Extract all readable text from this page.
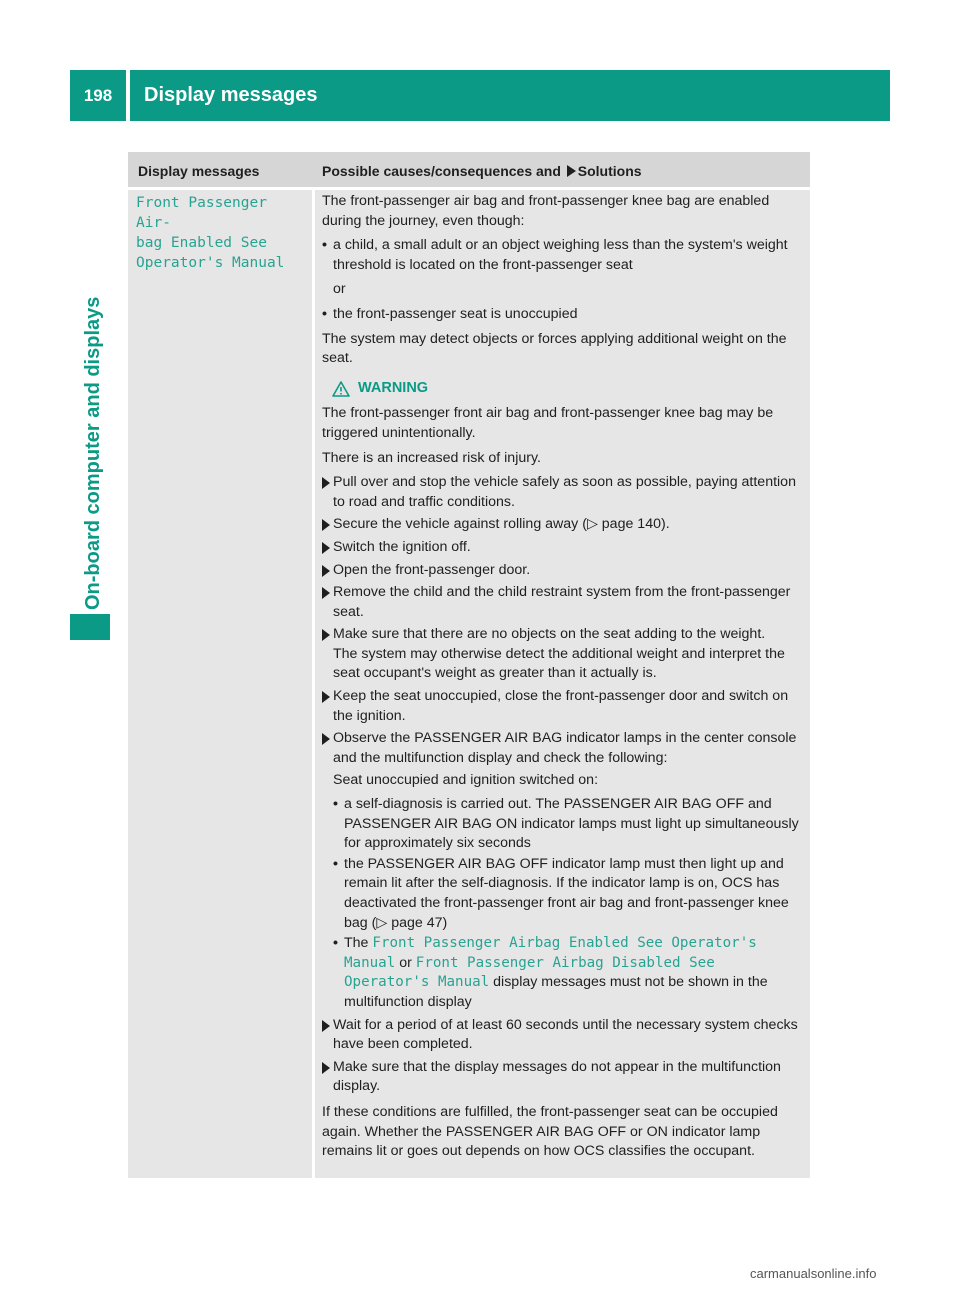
198	Display messages
On-board computer and displays
Display messages	Possible causes/consequences and Solutions
Front Passenger Air‐
bag Enabled See
Operator's Manual

The front-passenger air bag and front-passenger knee bag are enabled during the journey, even though:

• a child, a small adult or an object weighing less than the system's weight threshold is located on the front-passenger seat
or
• the front-passenger seat is unoccupied

The system may detect objects or forces applying additional weight on the seat.

WARNING

The front-passenger front air bag and front-passenger knee bag may be triggered unintentionally.

There is an increased risk of injury.

Pull over and stop the vehicle safely as soon as possible, paying attention to road and traffic conditions.
Secure the vehicle against rolling away (▷ page 140).
Switch the ignition off.
Open the front-passenger door.
Remove the child and the child restraint system from the front-passenger seat.
Make sure that there are no objects on the seat adding to the weight.
The system may otherwise detect the additional weight and interpret the seat occupant's weight as greater than it actually is.
Keep the seat unoccupied, close the front-passenger door and switch on the ignition.
Observe the PASSENGER AIR BAG indicator lamps in the center console and the multifunction display and check the following:

Seat unoccupied and ignition switched on:

• a self-diagnosis is carried out. The PASSENGER AIR BAG OFF and PASSENGER AIR BAG ON indicator lamps must light up simultaneously for approximately six seconds
• the PASSENGER AIR BAG OFF indicator lamp must then light up and remain lit after the self-diagnosis. If the indicator lamp is on, OCS has deactivated the front-passenger front air bag and front-passenger knee bag (▷ page 47)
• The Front Passenger Airbag Enabled See Operator's Manual or Front Passenger Airbag Disabled See Operator's Manual display messages must not be shown in the multifunction display
Wait for a period of at least 60 seconds until the necessary system checks have been completed.
Make sure that the display messages do not appear in the multifunction display.

If these conditions are fulfilled, the front-passenger seat can be occupied again. Whether the PASSENGER AIR BAG OFF or ON indicator lamp remains lit or goes out depends on how OCS classifies the occupant.

carmanualsonline.info
